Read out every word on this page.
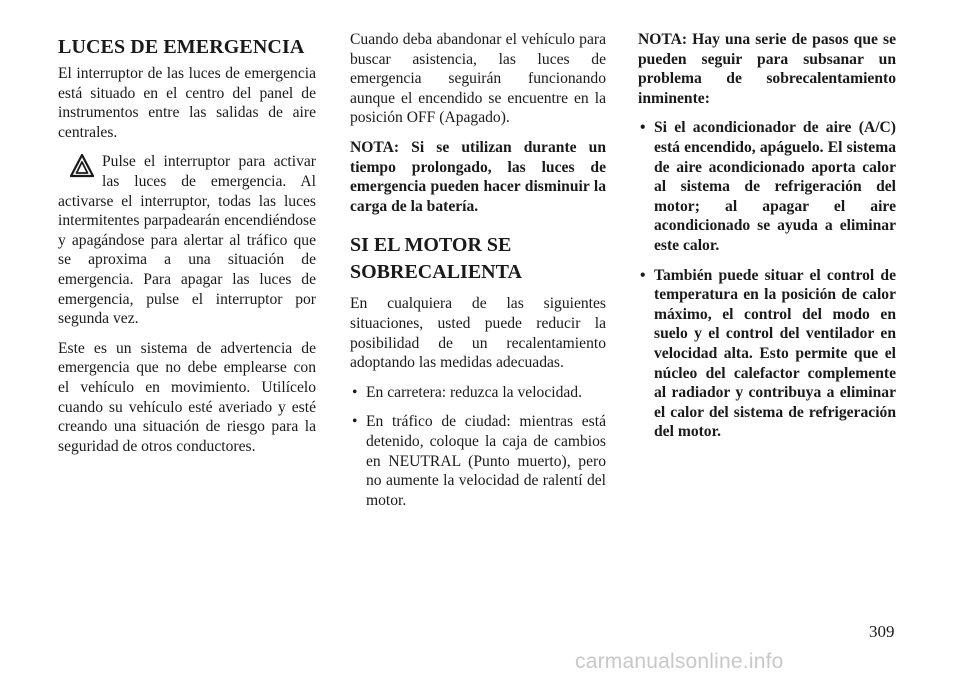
LUCES DE EMERGENCIA

El interruptor de las luces de emergencia está situado en el centro del panel de instrumentos entre las salidas de aire centrales.

Pulse el interruptor para activar las luces de emergencia. Al activarse el interruptor, todas las luces intermitentes parpadearán encendiéndose y apagándose para alertar al tráfico que se aproxima a una situación de emergencia. Para apagar las luces de emergencia, pulse el interruptor por segunda vez.

Este es un sistema de advertencia de emergencia que no debe emplearse con el vehículo en movimiento. Utilícelo cuando su vehículo esté averiado y esté creando una situación de riesgo para la seguridad de otros conductores.

Cuando deba abandonar el vehículo para buscar asistencia, las luces de emergencia seguirán funcionando aunque el encendido se encuentre en la posición OFF (Apagado).

NOTA: Si se utilizan durante un tiempo prolongado, las luces de emergencia pueden hacer disminuir la carga de la batería.

SI EL MOTOR SE SOBRECALIENTA

En cualquiera de las siguientes situaciones, usted puede reducir la posibilidad de un recalentamiento adoptando las medidas adecuadas.

• En carretera: reduzca la velocidad.
• En tráfico de ciudad: mientras está detenido, coloque la caja de cambios en NEUTRAL (Punto muerto), pero no aumente la velocidad de ralentí del motor.

NOTA: Hay una serie de pasos que se pueden seguir para subsanar un problema de sobrecalentamiento inminente:

• Si el acondicionador de aire (A/C) está encendido, apáguelo. El sistema de aire acondicionado aporta calor al sistema de refrigeración del motor; al apagar el aire acondicionado se ayuda a eliminar este calor.
• También puede situar el control de temperatura en la posición de calor máximo, el control del modo en suelo y el control del ventilador en velocidad alta. Esto permite que el núcleo del calefactor complemente al radiador y contribuya a eliminar el calor del sistema de refrigeración del motor.
309
carmanualsonline.info
